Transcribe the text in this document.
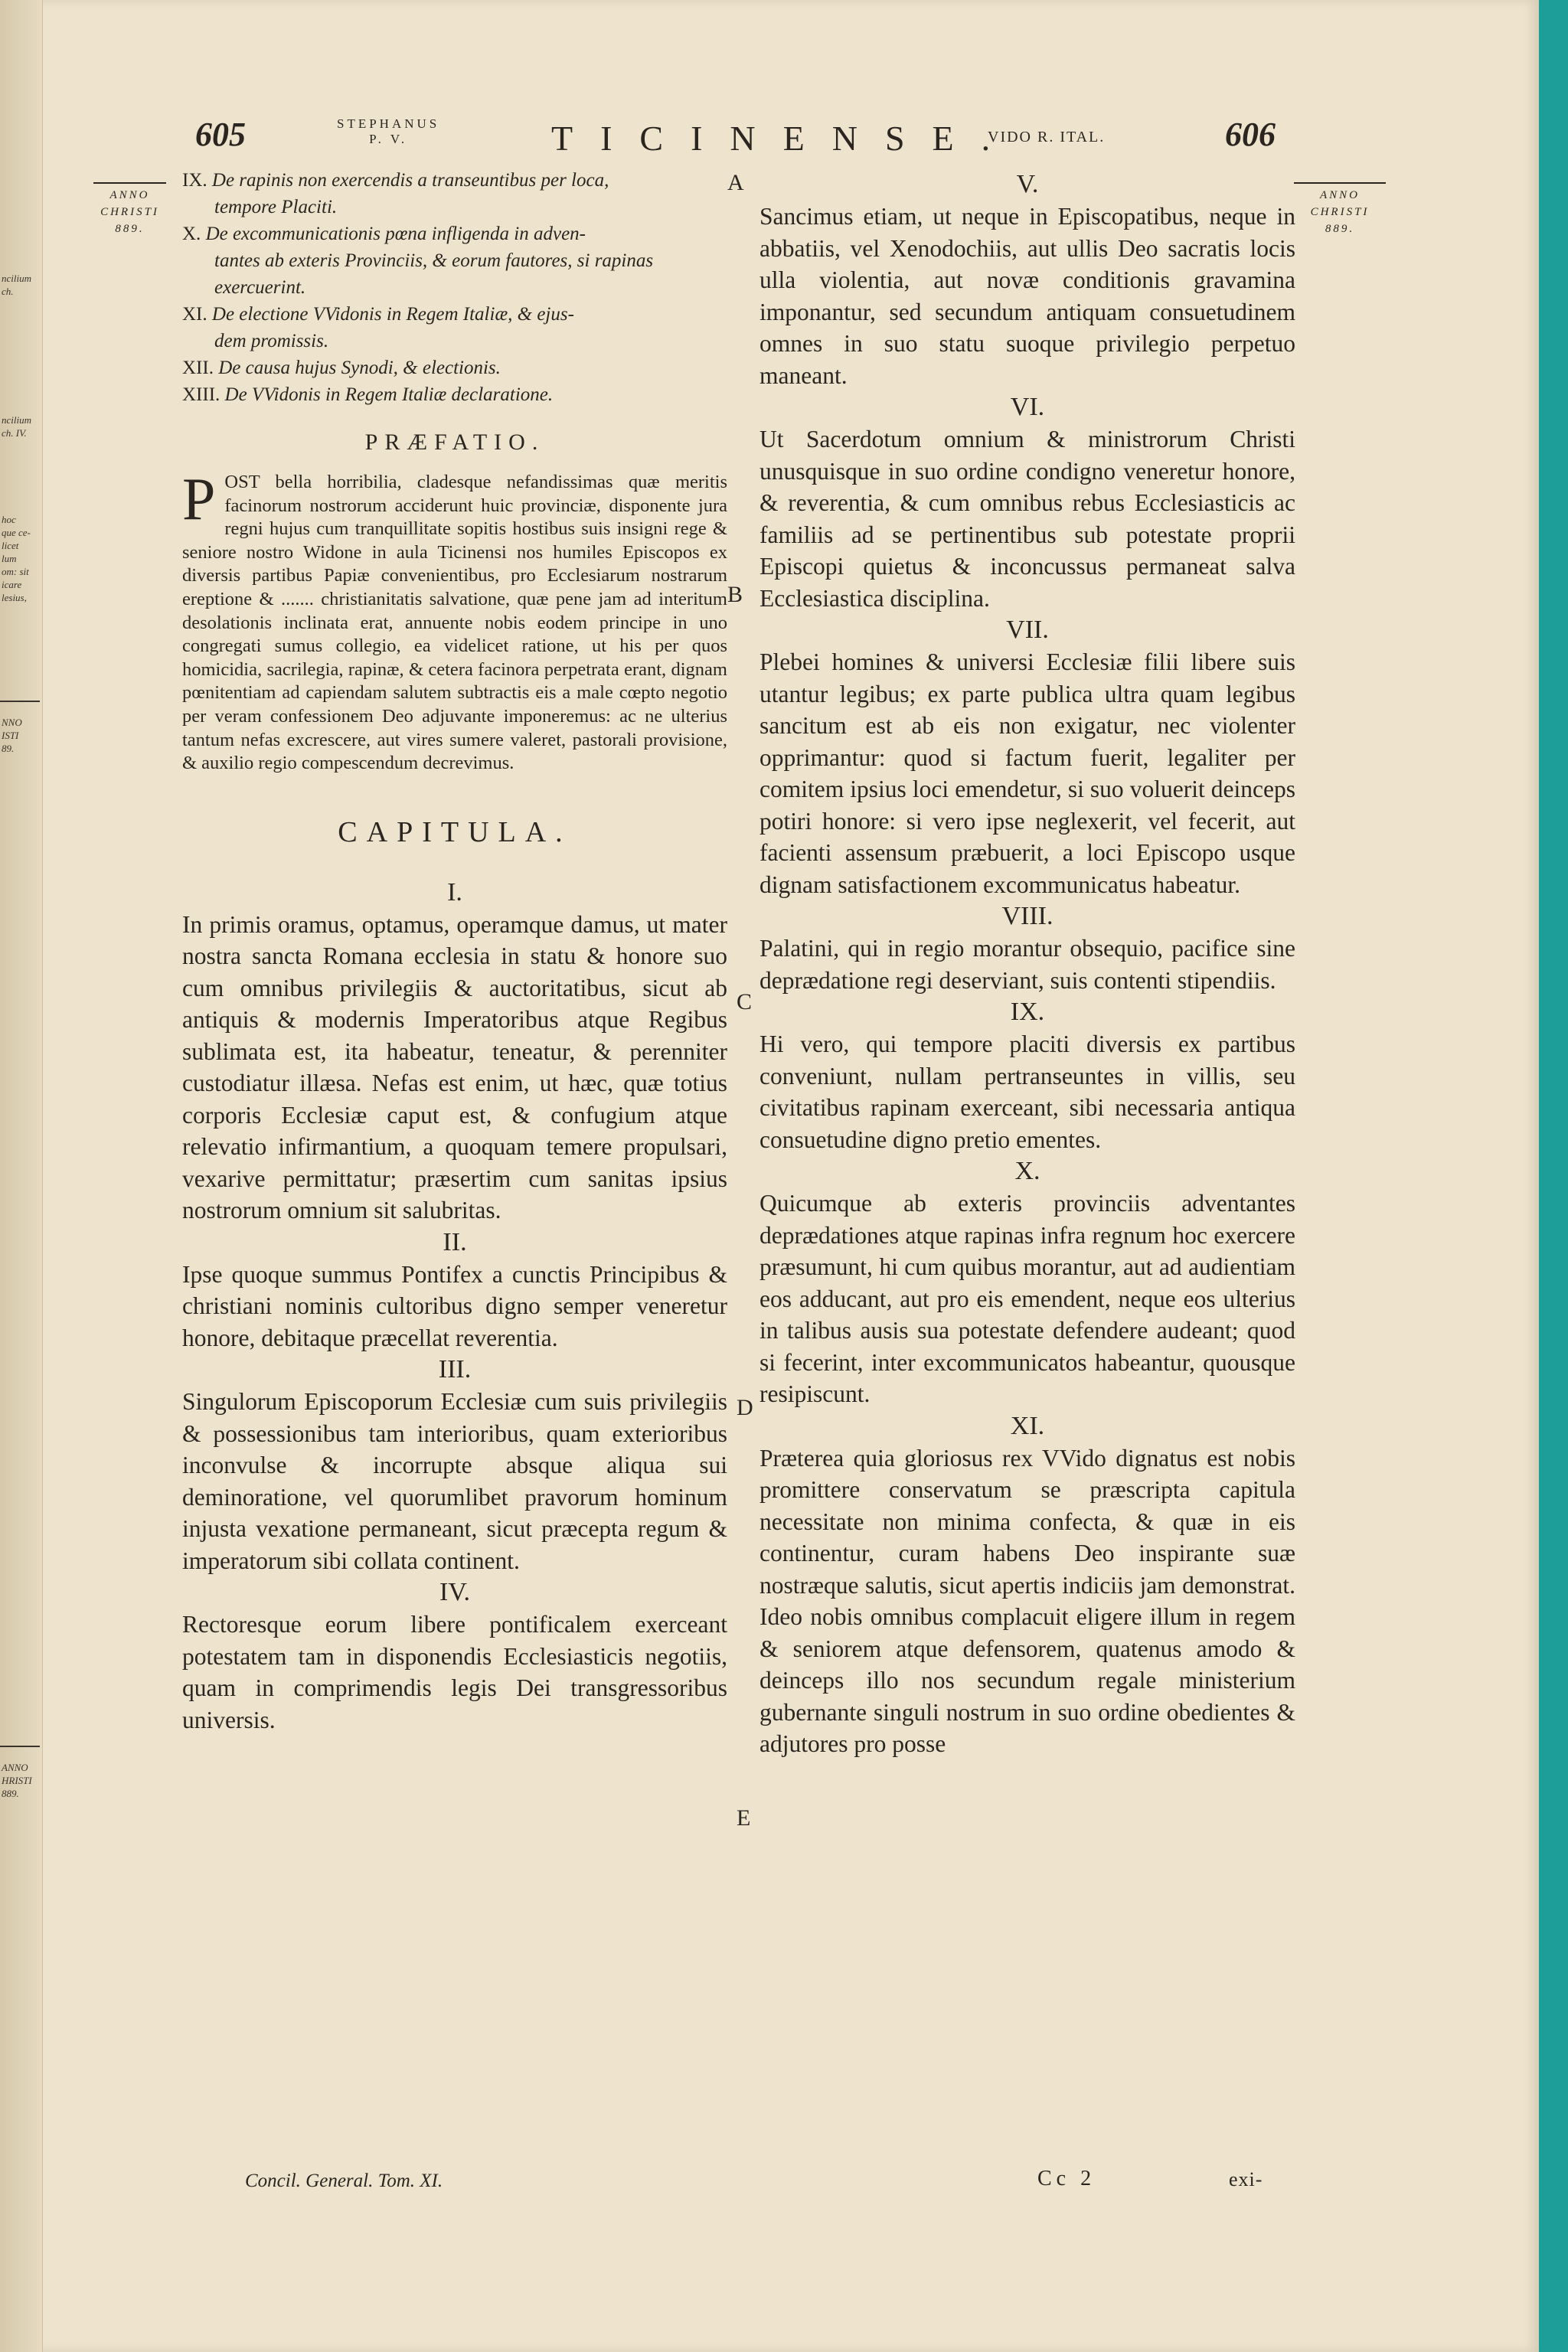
ncilium
ch.
ncilium
ch. IV.
hoc
que ce-
licet
lum
om: sit
icare
lesius,
NNO
ISTI
89.
ANNO
HRISTI
889.
605	STEPHANUS
P. V.	TICINENSE.
VIDO R. ITAL.	606
ANNO
CHRISTI
889.
ANNO
CHRISTI
889.
IX. De rapinis non exercendis a transeuntibus per loca,
tempore Placiti.
X. De excommunicationis pœna infligenda in adven-
tantes ab exteris Provinciis, & eorum fautores, si rapinas exercuerint.
XI. De electione VVidonis in Regem Italiæ, & ejus-
dem promissis.
XII. De causa hujus Synodi, & electionis.
XIII. De VVidonis in Regem Italiæ declaratione.
PRÆFATIO.
POST bella horribilia, cladesque nefandissimas quæ meritis facinorum nostrorum acciderunt huic provinciæ, disponente jura regni hujus cum tranquillitate sopitis hostibus suis insigni rege & seniore nostro Widone in aula Ticinensi nos humiles Episcopos ex diversis partibus Papiæ convenientibus, pro Ecclesiarum nostrarum ereptione & ....... christianitatis salvatione, quæ pene jam ad interitum desolationis inclinata erat, annuente nobis eodem principe in uno congregati sumus collegio, ea videlicet ratione, ut his per quos homicidia, sacrilegia, rapinæ, & cetera facinora perpetrata erant, dignam pœnitentiam ad capiendam salutem subtractis eis a male cœpto negotio per veram confessionem Deo adjuvante imponeremus: ac ne ulterius tantum nefas excrescere, aut vires sumere valeret, pastorali provisione, & auxilio regio compescendum decrevimus.
CAPITULA.
I.

In primis oramus, optamus, operamque damus, ut mater nostra sancta Romana ecclesia in statu & honore suo cum omnibus privilegiis & auctoritatibus, sicut ab antiquis & modernis Imperatoribus atque Regibus sublimata est, ita habeatur, teneatur, & perenniter custodiatur illæsa. Nefas est enim, ut hæc, quæ totius corporis Ecclesiæ caput est, & confugium atque relevatio infirmantium, a quoquam temere propulsari, vexarive permittatur; præsertim cum sanitas ipsius nostrorum omnium sit salubritas.

II.

Ipse quoque summus Pontifex a cunctis Principibus & christiani nominis cultoribus digno semper veneretur honore, debitaque præcellat reverentia.

III.

Singulorum Episcoporum Ecclesiæ cum suis privilegiis & possessionibus tam interioribus, quam exterioribus inconvulse & incorrupte absque aliqua sui deminoratione, vel quorumlibet pravorum hominum injusta vexatione permaneant, sicut præcepta regum & imperatorum sibi collata continent.

IV.

Rectoresque eorum libere pontificalem exerceant potestatem tam in disponendis Ecclesiasticis negotiis, quam in comprimendis legis Dei transgressoribus universis.

V.

Sancimus etiam, ut neque in Episcopatibus, neque in abbatiis, vel Xenodochiis, aut ullis Deo sacratis locis ulla violentia, aut novæ conditionis gravamina imponantur, sed secundum antiquam consuetudinem omnes in suo statu suoque privilegio perpetuo maneant.

VI.

Ut Sacerdotum omnium & ministrorum Christi unusquisque in suo ordine condigno veneretur honore, & reverentia, & cum omnibus rebus Ecclesiasticis ac familiis ad se pertinentibus sub potestate proprii Episcopi quietus & inconcussus permaneat salva Ecclesiastica disciplina.

VII.

Plebei homines & universi Ecclesiæ filii libere suis utantur legibus; ex parte publica ultra quam legibus sancitum est ab eis non exigatur, nec violenter opprimantur: quod si factum fuerit, legaliter per comitem ipsius loci emendetur, si suo voluerit deinceps potiri honore: si vero ipse neglexerit, vel fecerit, aut facienti assensum præbuerit, a loci Episcopo usque dignam satisfactionem excommunicatus habeatur.

VIII.

Palatini, qui in regio morantur obsequio, pacifice sine deprædatione regi deserviant, suis contenti stipendiis.

IX.

Hi vero, qui tempore placiti diversis ex partibus conveniunt, nullam pertranseuntes in villis, seu civitatibus rapinam exerceant, sibi necessaria antiqua consuetudine digno pretio ementes.

X.

Quicumque ab exteris provinciis adventantes deprædationes atque rapinas infra regnum hoc exercere præsumunt, hi cum quibus morantur, aut ad audientiam eos adducant, aut pro eis emendent, neque eos ulterius in talibus ausis sua potestate defendere audeant; quod si fecerint, inter excommunicatos habeantur, quousque resipiscunt.

XI.

Præterea quia gloriosus rex VVido dignatus est nobis promittere conservatum se præscripta capitula necessitate non minima confecta, & quæ in eis continentur, curam habens Deo inspirante suæ nostræque salutis, sicut apertis indiciis jam demonstrat. Ideo nobis omnibus complacuit eligere illum in regem & seniorem atque defensorem, quatenus amodo & deinceps illo nos secundum regale ministerium gubernante singuli nostrum in suo ordine obedientes & adjutores pro posse

A
B
C
D
E
Concil. General. Tom. XI.	Cc 2	exi-
